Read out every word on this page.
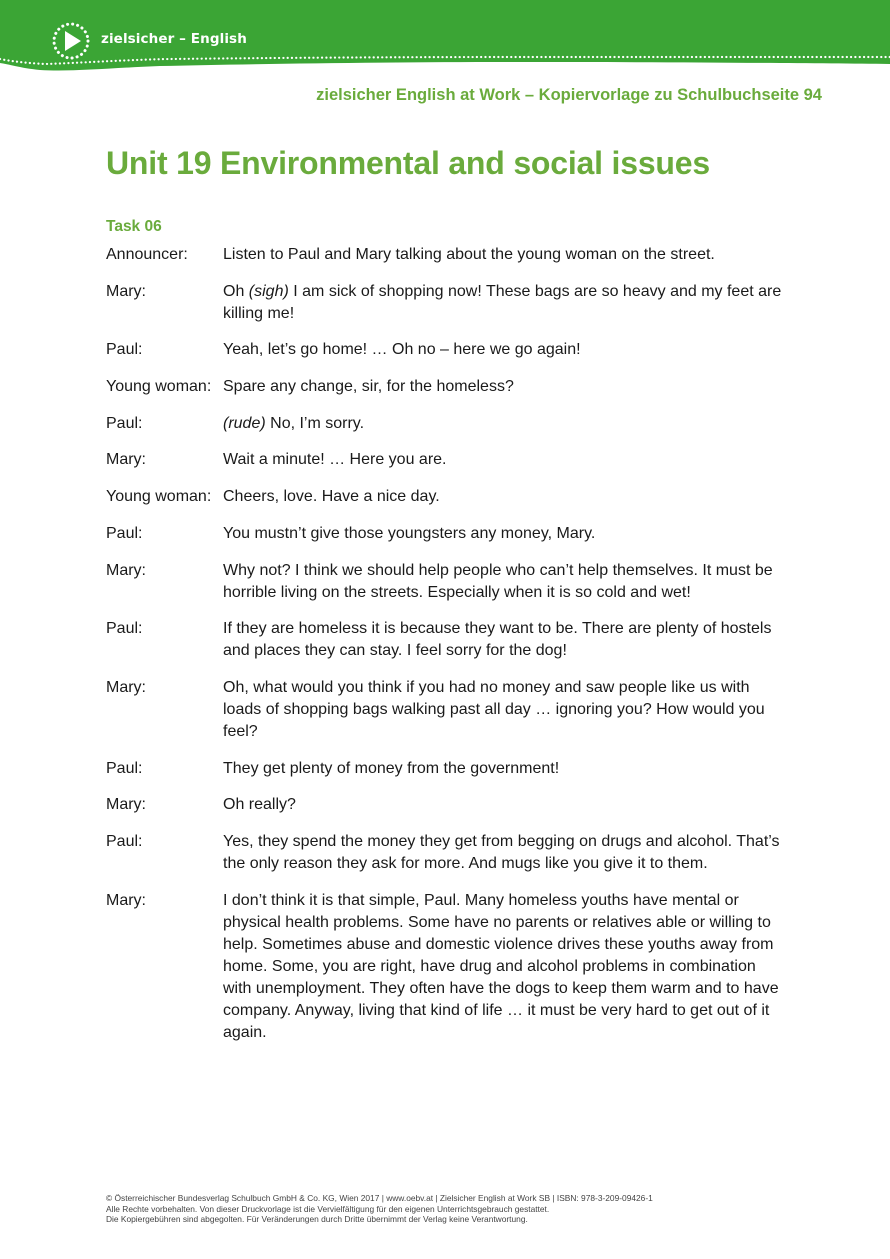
zielsicher – English
zielsicher English at Work – Kopiervorlage zu Schulbuchseite 94
Unit 19 Environmental and social issues
Task 06
Announcer:	Listen to Paul and Mary talking about the young woman on the street.
Mary:	Oh (sigh) I am sick of shopping now! These bags are so heavy and my feet are killing me!
Paul:	Yeah, let’s go home! … Oh no – here we go again!
Young woman: Spare any change, sir, for the homeless?
Paul:	(rude) No, I’m sorry.
Mary:	Wait a minute! … Here you are.
Young woman: Cheers, love. Have a nice day.
Paul:	You mustn’t give those youngsters any money, Mary.
Mary:	Why not? I think we should help people who can’t help themselves. It must be horrible living on the streets. Especially when it is so cold and wet!
Paul:	If they are homeless it is because they want to be. There are plenty of hostels and places they can stay. I feel sorry for the dog!
Mary:	Oh, what would you think if you had no money and saw people like us with loads of shopping bags walking past all day … ignoring you? How would you feel?
Paul:	They get plenty of money from the government!
Mary:	Oh really?
Paul:	Yes, they spend the money they get from begging on drugs and alcohol. That’s the only reason they ask for more. And mugs like you give it to them.
Mary:	I don’t think it is that simple, Paul. Many homeless youths have mental or physical health problems. Some have no parents or relatives able or willing to help. Sometimes abuse and domestic violence drives these youths away from home. Some, you are right, have drug and alcohol problems in combination with unemployment. They often have the dogs to keep them warm and to have company. Anyway, living that kind of life … it must be very hard to get out of it again.
© Österreichischer Bundesverlag Schulbuch GmbH & Co. KG, Wien 2017 | www.oebv.at | Zielsicher English at Work SB | ISBN: 978-3-209-09426-1
Alle Rechte vorbehalten. Von dieser Druckvorlage ist die Vervielfältigung für den eigenen Unterrichtsgebrauch gestattet.
Die Kopiergebühren sind abgegolten. Für Veränderungen durch Dritte übernimmt der Verlag keine Verantwortung.
